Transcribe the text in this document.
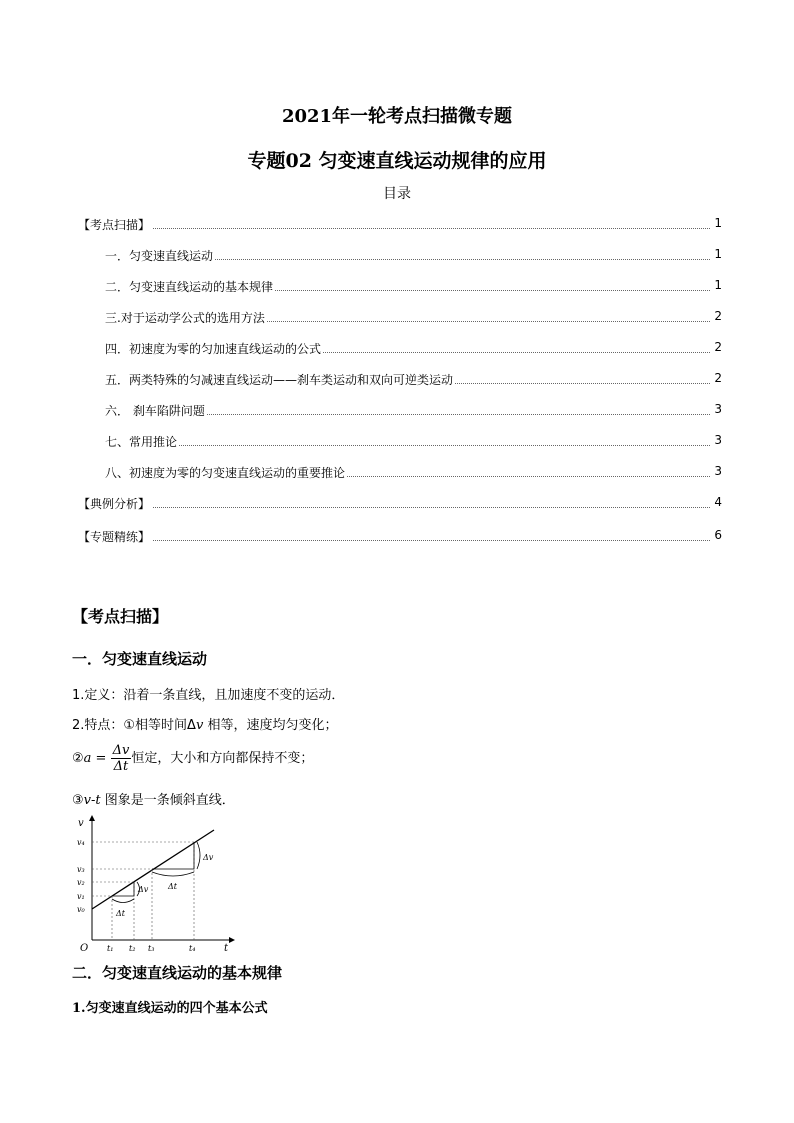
2021年一轮考点扫描微专题
专题02 匀变速直线运动规律的应用
目录
【考点扫描】	1
一．匀变速直线运动	1
二．匀变速直线运动的基本规律	1
三.对于运动学公式的选用方法	2
四．初速度为零的匀加速直线运动的公式	2
五．两类特殊的匀减速直线运动——刹车类运动和双向可逆类运动	2
六． 刹车陷阱问题	3
七、常用推论	3
八、初速度为零的匀变速直线运动的重要推论	3
【典例分析】	4
【专题精练】	6
【考点扫描】
一．匀变速直线运动
1.定义：沿着一条直线，且加速度不变的运动．
2.特点：①相等时间Δv 相等，速度均匀变化；
②a = $\frac{\Delta v}{\Delta t}$ 恒定，大小和方向都保持不变；
③v-t 图象是一条倾斜直线．
v
t
O
v₄
v₃
v₂
v₁
v₀
t₁ t₂ t₃	t₄
Δv
Δt
Δv
Δt
二．匀变速直线运动的基本规律
1.匀变速直线运动的四个基本公式
